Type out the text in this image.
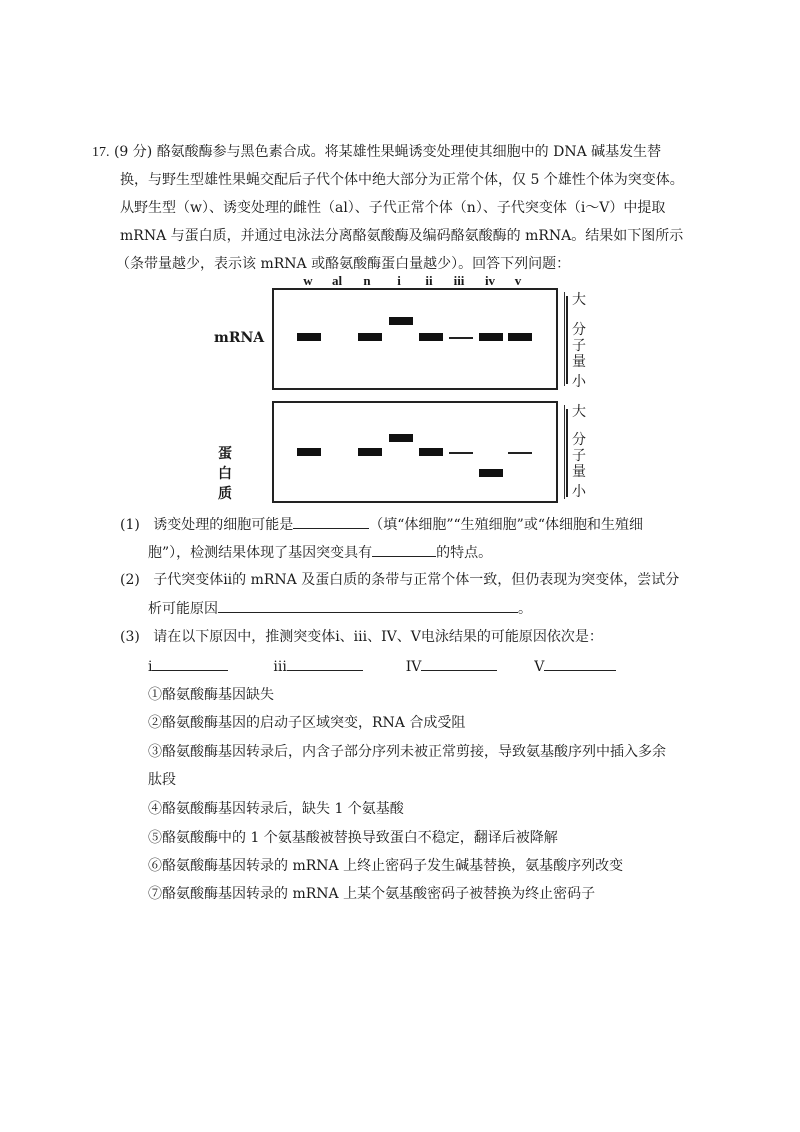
17. (9 分) 酪氨酸酶参与黑色素合成。将某雄性果蝇诱变处理使其细胞中的 DNA 碱基发生替
换，与野生型雄性果蝇交配后子代个体中绝大部分为正常个体，仅 5 个雄性个体为突变体。
从野生型（w）、诱变处理的雌性（al）、子代正常个体（n）、子代突变体（i～V）中提取
mRNA 与蛋白质，并通过电泳法分离酪氨酸酶及编码酪氨酸酶的 mRNA。结果如下图所示
（条带量越少，表示该 mRNA 或酪氨酸酶蛋白量越少）。回答下列问题：
w	al	n	i	ii	iii	iv	v
mRNA
大
分
子
量
小
蛋白质
大
分
子
量
小
(1) 诱变处理的细胞可能是	（填“体细胞”“生殖细胞”或“体细胞和生殖细
胞”），检测结果体现了基因突变具有	的特点。
(2) 子代突变体ii的 mRNA 及蛋白质的条带与正常个体一致，但仍表现为突变体，尝试分
析可能原因	。
(3) 请在以下原因中，推测突变体i、iii、IV、V电泳结果的可能原因依次是：
i	iii	IV	V
①酪氨酸酶基因缺失
②酪氨酸酶基因的启动子区域突变，RNA 合成受阻
③酪氨酸酶基因转录后，内含子部分序列未被正常剪接，导致氨基酸序列中插入多余
肽段
④酪氨酸酶基因转录后，缺失 1 个氨基酸
⑤酪氨酸酶中的 1 个氨基酸被替换导致蛋白不稳定，翻译后被降解
⑥酪氨酸酶基因转录的 mRNA 上终止密码子发生碱基替换，氨基酸序列改变
⑦酪氨酸酶基因转录的 mRNA 上某个氨基酸密码子被替换为终止密码子
